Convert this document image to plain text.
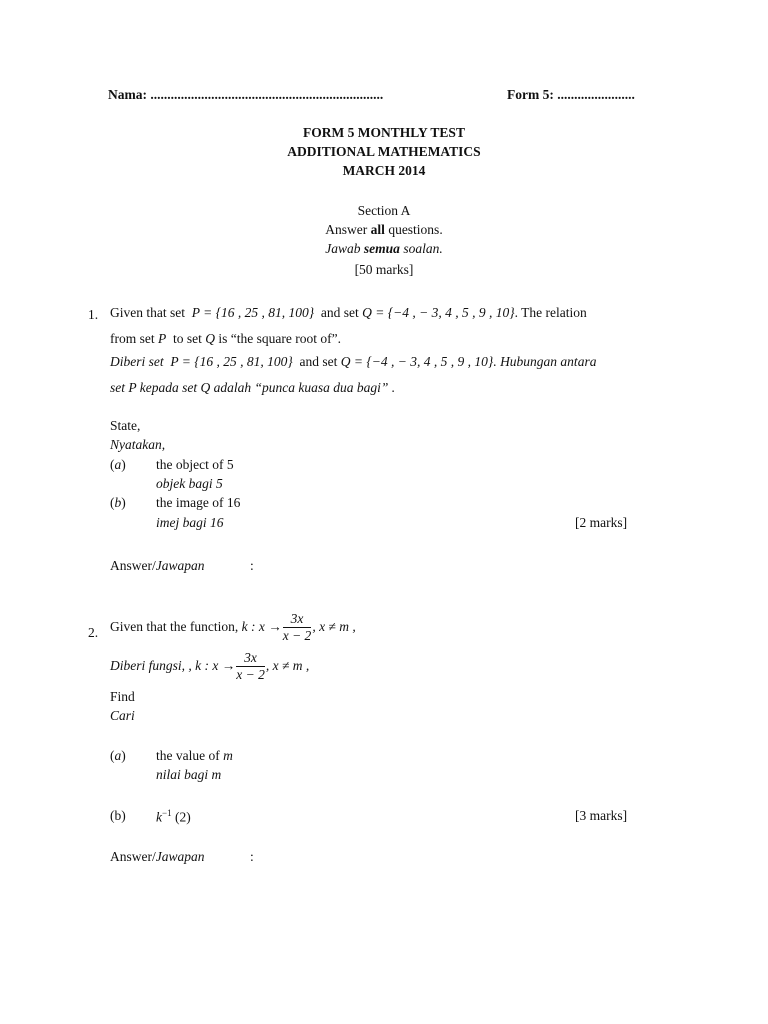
Nama: .....................................................................	Form 5: .......................
FORM 5 MONTHLY TEST
ADDITIONAL MATHEMATICS
MARCH 2014
Section A
Answer all questions.
Jawab semua soalan.
[50 marks]
1. Given that set P = {16 , 25 , 81, 100} and set Q = {−4 , − 3, 4 , 5 , 9 , 10}. The relation
from set P to set Q is “the square root of”.
Diberi set P = {16 , 25 , 81, 100} and set Q = {−4 , − 3, 4 , 5 , 9 , 10}. Hubungan antara
set P kepada set Q adalah “punca kuasa dua bagi” .
State,
Nyatakan,
(a) the object of 5
objek bagi 5
(b) the image of 16
imej bagi 16	[2 marks]
Answer/Jawapan	:
2. Given that the function, k : $x \to \frac{3x}{x - 2}$ , x ≠ m ,
Diberi fungsi, , k : $x \to \frac{3x}{x - 2}$ , x ≠ m ,
Find
Cari
(a) the value of m
nilai bagi m
(b) $k^{-1}$ (2)	[3 marks]
Answer/Jawapan	:
